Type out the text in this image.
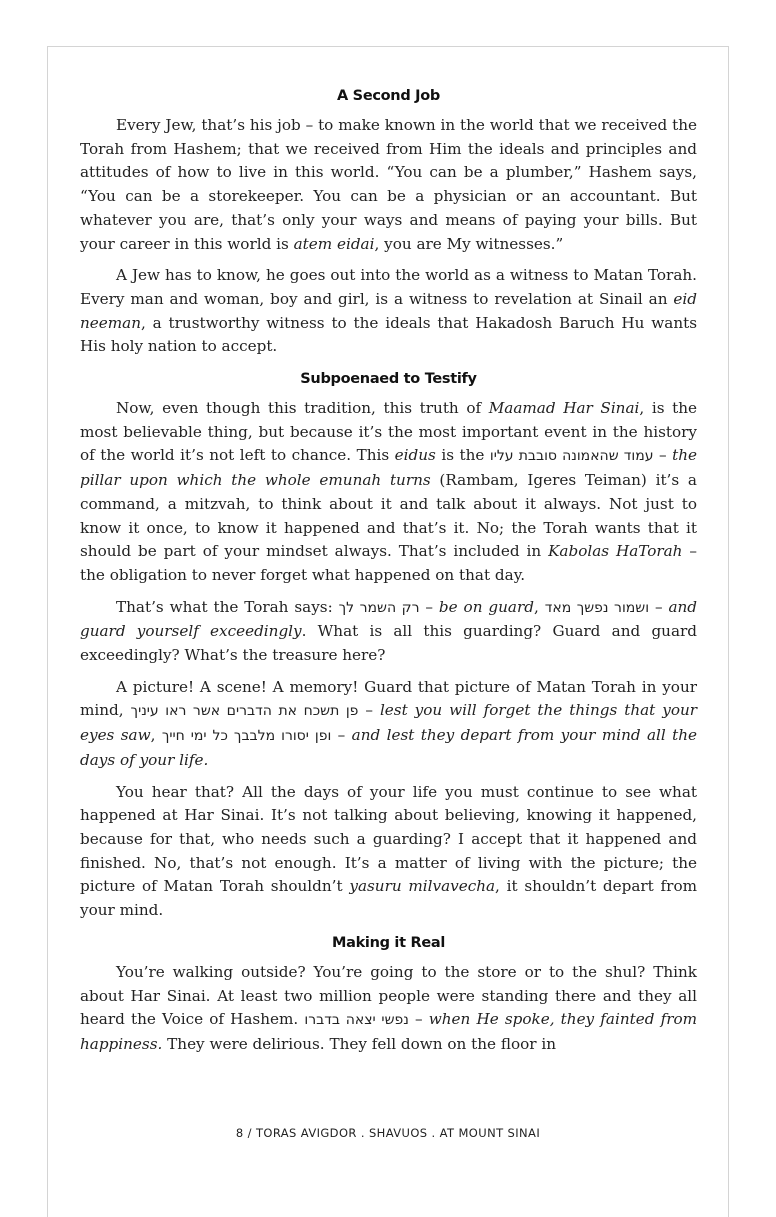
A Second Job

Every Jew, that’s his job – to make known in the world that we received the Torah from Hashem; that we received from Him the ideals and principles and attitudes of how to live in this world. “You can be a plumber,” Hashem says, “You can be a storekeeper. You can be a physician or an accountant. But whatever you are, that’s only your ways and means of paying your bills. But your career in this world is atem eidai, you are My witnesses.”

A Jew has to know, he goes out into the world as a witness to Matan Torah. Every man and woman, boy and girl, is a witness to revelation at Sinail an eid neeman, a trustworthy witness to the ideals that Hakadosh Baruch Hu wants His holy nation to accept.

Subpoenaed to Testify

Now, even though this tradition, this truth of Maamad Har Sinai, is the most believable thing, but because it’s the most important event in the history of the world it’s not left to chance. This eidus is the עמוד שהאמונה סובבת עליו – the pillar upon which the whole emunah turns (Rambam, Igeres Teiman) it’s a command, a mitzvah, to think about it and talk about it always. Not just to know it once, to know it happened and that’s it. No; the Torah wants that it should be part of your mindset always. That’s included in Kabolas HaTorah – the obligation to never forget what happened on that day.

That’s what the Torah says: רק השמר לך – be on guard, ושמור נפשך מאד – and guard yourself exceedingly. What is all this guarding? Guard and guard exceedingly? What’s the treasure here?

A picture! A scene! A memory! Guard that picture of Matan Torah in your mind, פן תשכח את הדברים אשר ראו עיניך – lest you will forget the things that your eyes saw, ופן יסורו מלבבך כל ימי חייך – and lest they depart from your mind all the days of your life.

You hear that? All the days of your life you must continue to see what happened at Har Sinai. It’s not talking about believing, knowing it happened, because for that, who needs such a guarding? I accept that it happened and finished. No, that’s not enough. It’s a matter of living with the picture; the picture of Matan Torah shouldn’t yasuru milvavecha, it shouldn’t depart from your mind.

Making it Real

You’re walking outside? You’re going to the store or to the shul? Think about Har Sinai. At least two million people were standing there and they all heard the Voice of Hashem. נפשי יצאה בדברו – when He spoke, they fainted from happiness. They were delirious. They fell down on the floor in

8 / TORAS AVIGDOR . SHAVUOS . AT MOUNT SINAI
